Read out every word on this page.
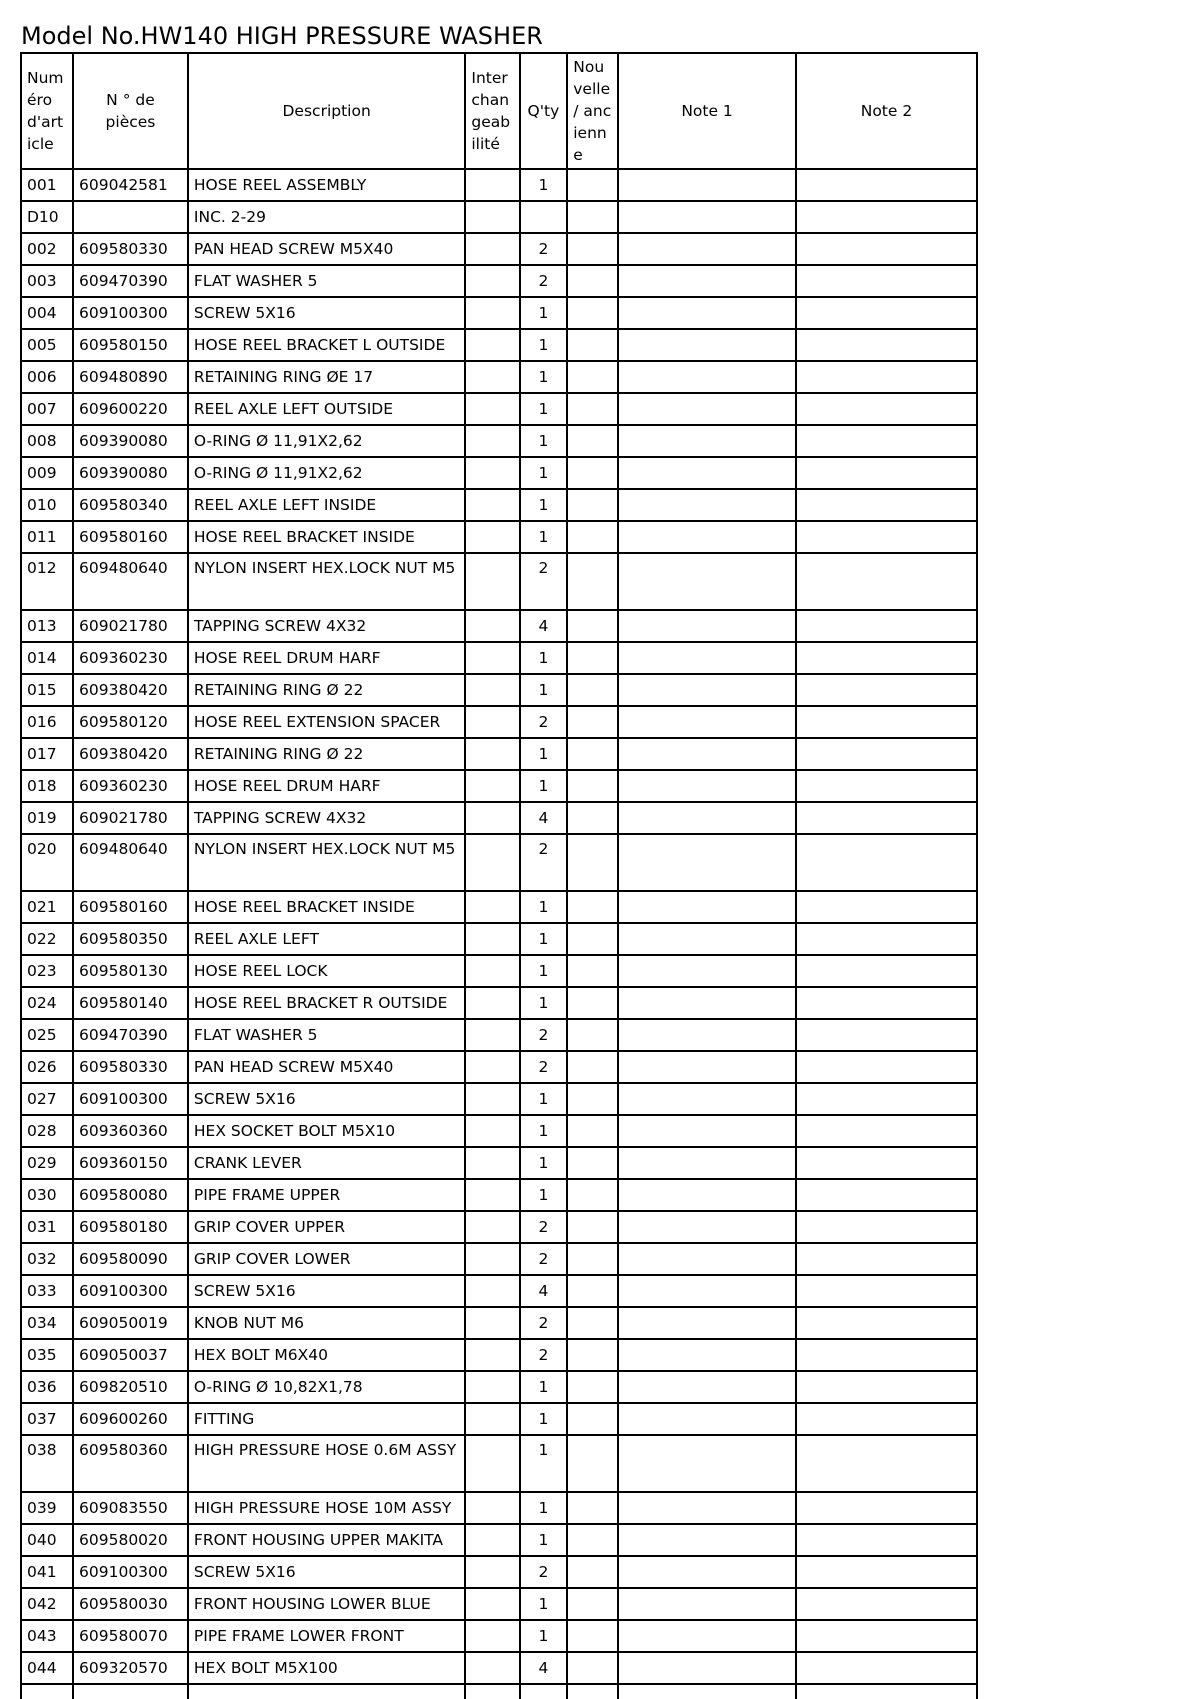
Model No.HW140 HIGH PRESSURE WASHER
Numéro d'article	N ° de pièces	Description	Interchangeabilité	Q'ty	Nouvelle / ancienne	Note 1	Note 2
001	609042581	HOSE REEL ASSEMBLY		1			
D10		INC. 2-29					
002	609580330	PAN HEAD SCREW M5X40		2			
003	609470390	FLAT WASHER 5		2			
004	609100300	SCREW 5X16		1			
005	609580150	HOSE REEL BRACKET L OUTSIDE		1			
006	609480890	RETAINING RING ØE 17		1			
007	609600220	REEL AXLE LEFT OUTSIDE		1			
008	609390080	O-RING Ø 11,91X2,62		1			
009	609390080	O-RING Ø 11,91X2,62		1			
010	609580340	REEL AXLE LEFT INSIDE		1			
011	609580160	HOSE REEL BRACKET INSIDE		1			
012	609480640	NYLON INSERT HEX.LOCK NUT M5		2			
013	609021780	TAPPING SCREW 4X32		4			
014	609360230	HOSE REEL DRUM HARF		1			
015	609380420	RETAINING RING Ø 22		1			
016	609580120	HOSE REEL EXTENSION SPACER		2			
017	609380420	RETAINING RING Ø 22		1			
018	609360230	HOSE REEL DRUM HARF		1			
019	609021780	TAPPING SCREW 4X32		4			
020	609480640	NYLON INSERT HEX.LOCK NUT M5		2			
021	609580160	HOSE REEL BRACKET INSIDE		1			
022	609580350	REEL AXLE LEFT		1			
023	609580130	HOSE REEL LOCK		1			
024	609580140	HOSE REEL BRACKET R OUTSIDE		1			
025	609470390	FLAT WASHER 5		2			
026	609580330	PAN HEAD SCREW M5X40		2			
027	609100300	SCREW 5X16		1			
028	609360360	HEX SOCKET BOLT M5X10		1			
029	609360150	CRANK LEVER		1			
030	609580080	PIPE FRAME UPPER		1			
031	609580180	GRIP COVER UPPER		2			
032	609580090	GRIP COVER LOWER		2			
033	609100300	SCREW 5X16		4			
034	609050019	KNOB NUT M6		2			
035	609050037	HEX BOLT M6X40		2			
036	609820510	O-RING Ø 10,82X1,78		1			
037	609600260	FITTING		1			
038	609580360	HIGH PRESSURE HOSE 0.6M ASSY		1			
039	609083550	HIGH PRESSURE HOSE 10M ASSY		1			
040	609580020	FRONT HOUSING UPPER MAKITA		1			
041	609100300	SCREW 5X16		2			
042	609580030	FRONT HOUSING LOWER BLUE		1			
043	609580070	PIPE FRAME LOWER FRONT		1			
044	609320570	HEX BOLT M5X100		4			
